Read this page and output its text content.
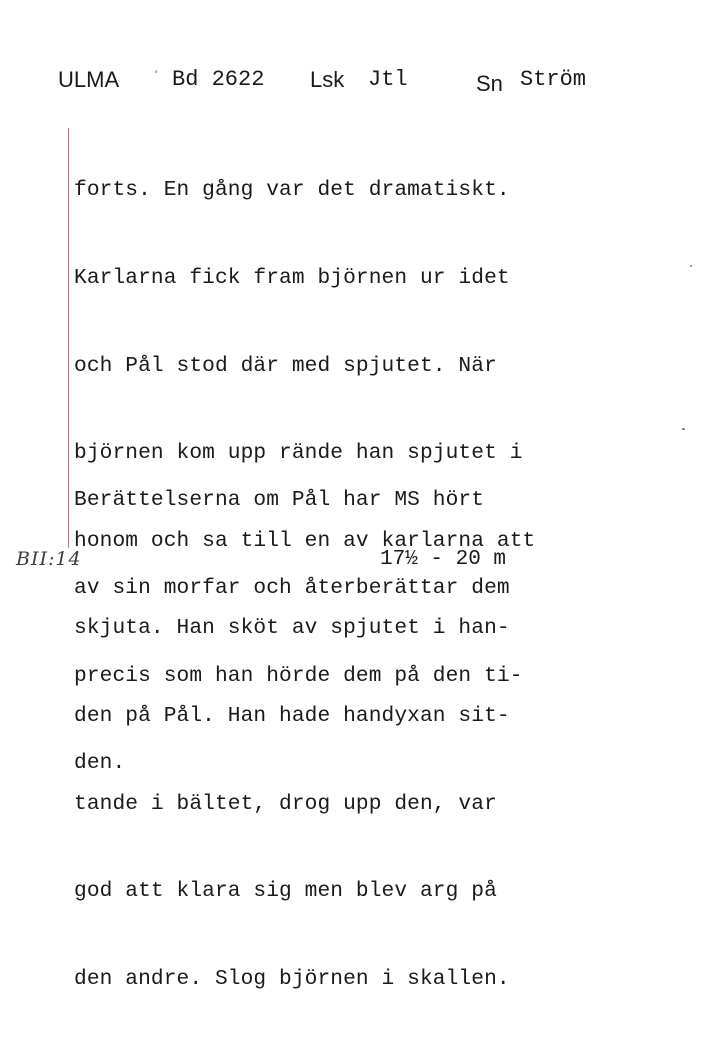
ULMA	' Bd 2622 Lsk Jtl	Sn Ström

forts. En gång var det dramatiskt.

Karlarna fick fram björnen ur idet

och Pål stod där med spjutet. När

björnen kom upp rände han spjutet i

honom och sa till en av karlarna att

skjuta. Han sköt av spjutet i han-

den på Pål. Han hade handyxan sit-

tande i bältet, drog upp den, var

god att klara sig men blev arg på

den andre. Slog björnen i skallen.

Berättelserna om Pål har MS hört

av sin morfar och återberättar dem

precis som han hörde dem på den ti-

den.

BII:14	17½ - 20 m
